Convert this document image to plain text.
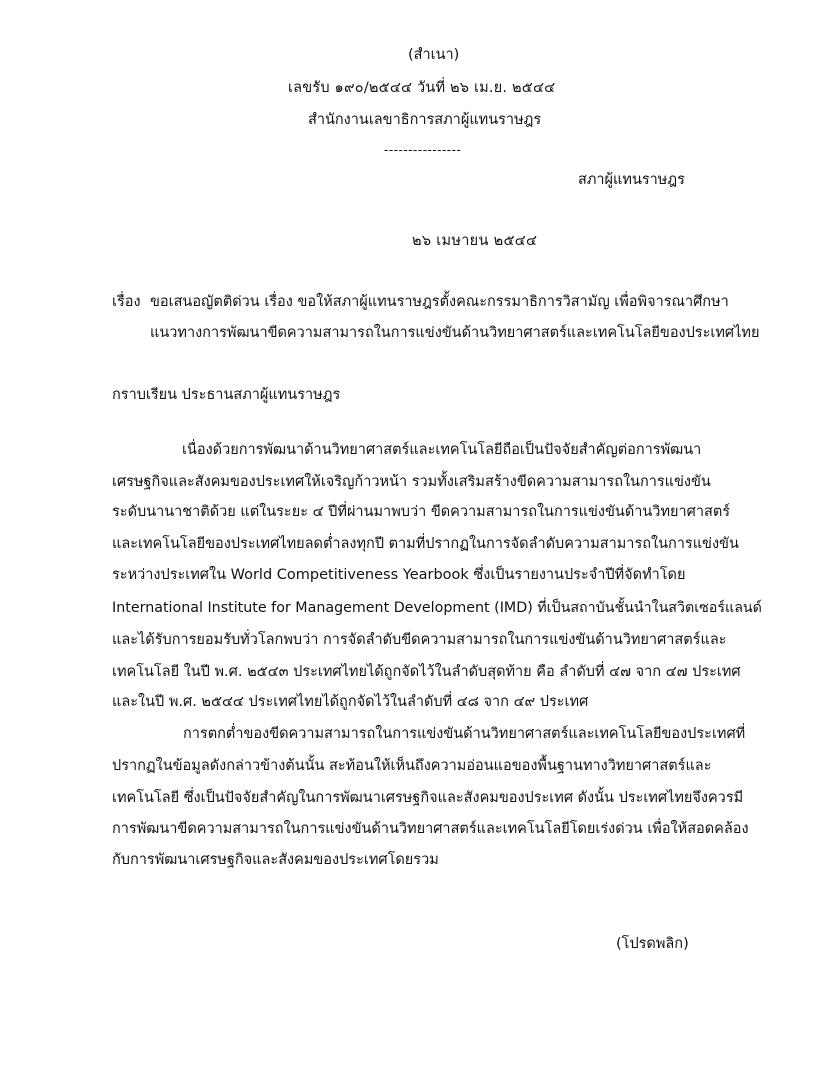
(สำเนา)
เลขรับ ๑๙๐/๒๕๔๔ วันที่ ๒๖ เม.ย. ๒๕๔๔
สำนักงานเลขาธิการสภาผู้แทนราษฎร
----------------
สภาผู้แทนราษฎร
๒๖ เมษายน ๒๕๔๔
เรื่อง ขอเสนอญัตติด่วน เรื่อง ขอให้สภาผู้แทนราษฎรตั้งคณะกรรมาธิการวิสามัญ เพื่อพิจารณาศึกษา
แนวทางการพัฒนาขีดความสามารถในการแข่งขันด้านวิทยาศาสตร์และเทคโนโลยีของประเทศไทย
กราบเรียน ประธานสภาผู้แทนราษฎร
เนื่องด้วยการพัฒนาด้านวิทยาศาสตร์และเทคโนโลยีถือเป็นปัจจัยสำคัญต่อการพัฒนา
เศรษฐกิจและสังคมของประเทศให้เจริญก้าวหน้า รวมทั้งเสริมสร้างขีดความสามารถในการแข่งขัน
ระดับนานาชาติด้วย แต่ในระยะ ๔ ปีที่ผ่านมาพบว่า ขีดความสามารถในการแข่งขันด้านวิทยาศาสตร์
และเทคโนโลยีของประเทศไทยลดต่ำลงทุกปี ตามที่ปรากฏในการจัดลำดับความสามารถในการแข่งขัน
ระหว่างประเทศใน World Competitiveness Yearbook ซึ่งเป็นรายงานประจำปีที่จัดทำโดย
International Institute for Management Development (IMD) ที่เป็นสถาบันชั้นนำในสวิตเซอร์แลนด์
และได้รับการยอมรับทั่วโลกพบว่า การจัดลำดับขีดความสามารถในการแข่งขันด้านวิทยาศาสตร์และ
เทคโนโลยี ในปี พ.ศ. ๒๕๔๓ ประเทศไทยได้ถูกจัดไว้ในลำดับสุดท้าย คือ ลำดับที่ ๔๗ จาก ๔๗ ประเทศ
และในปี พ.ศ. ๒๕๔๔ ประเทศไทยได้ถูกจัดไว้ในลำดับที่ ๔๘ จาก ๔๙ ประเทศ
การตกต่ำของขีดความสามารถในการแข่งขันด้านวิทยาศาสตร์และเทคโนโลยีของประเทศที่
ปรากฏในข้อมูลดังกล่าวข้างต้นนั้น สะท้อนให้เห็นถึงความอ่อนแอของพื้นฐานทางวิทยาศาสตร์และ
เทคโนโลยี ซึ่งเป็นปัจจัยสำคัญในการพัฒนาเศรษฐกิจและสังคมของประเทศ ดังนั้น ประเทศไทยจึงควรมี
การพัฒนาขีดความสามารถในการแข่งขันด้านวิทยาศาสตร์และเทคโนโลยีโดยเร่งด่วน เพื่อให้สอดคล้อง
กับการพัฒนาเศรษฐกิจและสังคมของประเทศโดยรวม
(โปรดพลิก)
